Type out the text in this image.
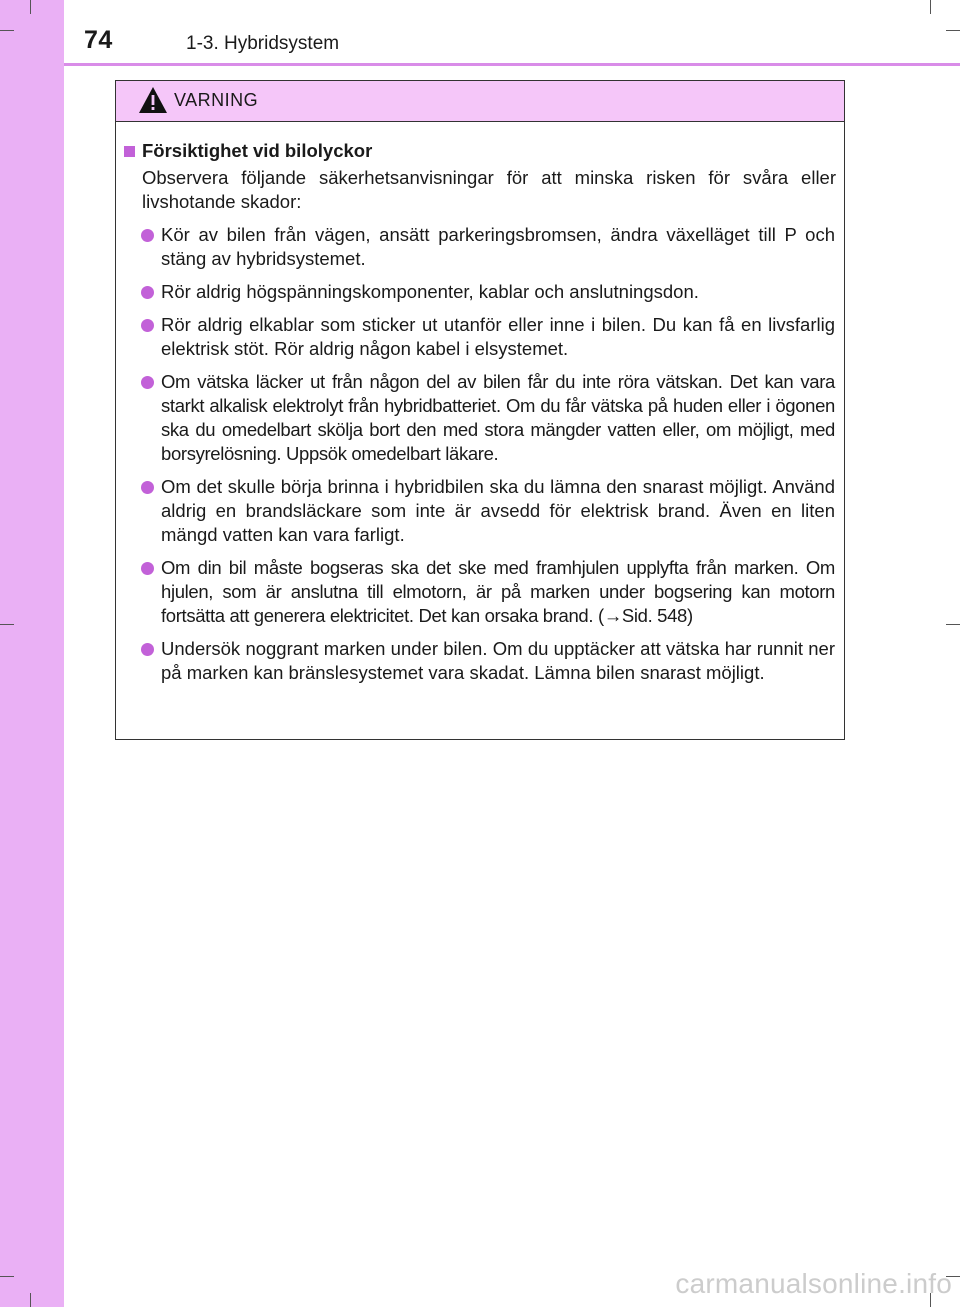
74	1-3. Hybridsystem
VARNING
Försiktighet vid bilolyckor
Observera följande säkerhetsanvisningar för att minska risken för svåra eller livshotande skador:
Kör av bilen från vägen, ansätt parkeringsbromsen, ändra växelläget till P och stäng av hybridsystemet.
Rör aldrig högspänningskomponenter, kablar och anslutningsdon.
Rör aldrig elkablar som sticker ut utanför eller inne i bilen. Du kan få en livsfarlig elektrisk stöt. Rör aldrig någon kabel i elsystemet.
Om vätska läcker ut från någon del av bilen får du inte röra vätskan. Det kan vara starkt alkalisk elektrolyt från hybridbatteriet. Om du får vätska på huden eller i ögonen ska du omedelbart skölja bort den med stora mängder vatten eller, om möjligt, med borsyrelösning. Uppsök omedelbart läkare.
Om det skulle börja brinna i hybridbilen ska du lämna den snarast möjligt. Använd aldrig en brandsläckare som inte är avsedd för elektrisk brand. Även en liten mängd vatten kan vara farligt.
Om din bil måste bogseras ska det ske med framhjulen upplyfta från marken. Om hjulen, som är anslutna till elmotorn, är på marken under bogsering kan motorn fortsätta att generera elektricitet. Det kan orsaka brand. (→Sid. 548)
Undersök noggrant marken under bilen. Om du upptäcker att vätska har runnit ner på marken kan bränslesystemet vara skadat. Lämna bilen snarast möjligt.
carmanualsonline.info
